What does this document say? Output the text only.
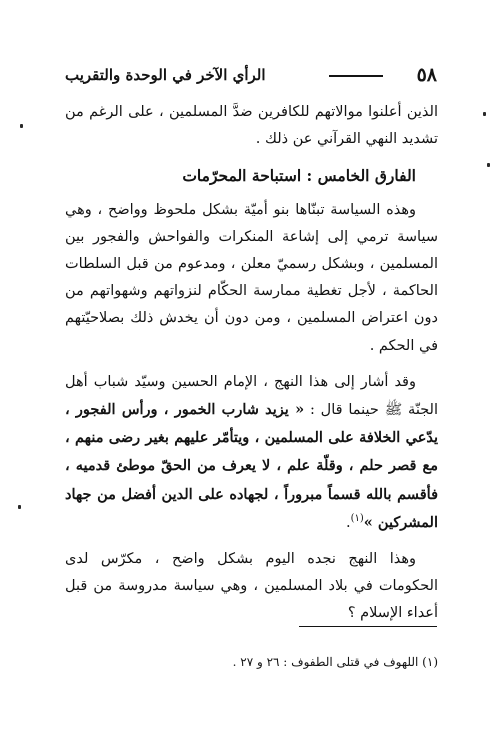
٥٨
الرأي الآخر في الوحدة والتقريب

الذين أعلنوا موالاتهم للكافرين ضدَّ المسلمين ، على الرغم من تشديد النهي القرآني عن ذلك .

الفارق الخامس : استباحة المحرّمات

وهذه السياسة تبنّاها بنو أميّة بشكل ملحوظ وواضح ، وهي سياسة ترمي إلى إشاعة المنكرات والفواحش والفجور بين المسلمين ، وبشكل رسميّ معلن ، ومدعوم من قبل السلطات الحاكمة ، لأجل تغطية ممارسة الحكّام لنزواتهم وشهواتهم من دون اعتراض المسلمين ، ومن دون أن يخدش ذلك بصلاحيّتهم في الحكم .

وقد أشار إلى هذا النهج ، الإمام الحسين وسيّد شباب أهل الجنّة ﷺ حينما قال : « يزيد شارب الخمور ، ورأس الفجور ، يدّعي الخلافة على المسلمين ، ويتأمّر عليهم بغير رضى منهم ، مع قصر حلم ، وقلّة علم ، لا يعرف من الحقّ موطئ قدميه ، فأقسم بالله قسماً مبروراً ، لجهاده على الدين أفضل من جهاد المشركين »$^{(١)}$.

وهذا النهج نجده اليوم بشكل واضح ، مكرّس لدى الحكومات في بلاد المسلمين ، وهي سياسة مدروسة من قبل أعداء الإسلام ؟

(١) اللهوف في قتلى الطفوف : ٢٦ و ٢٧ .
